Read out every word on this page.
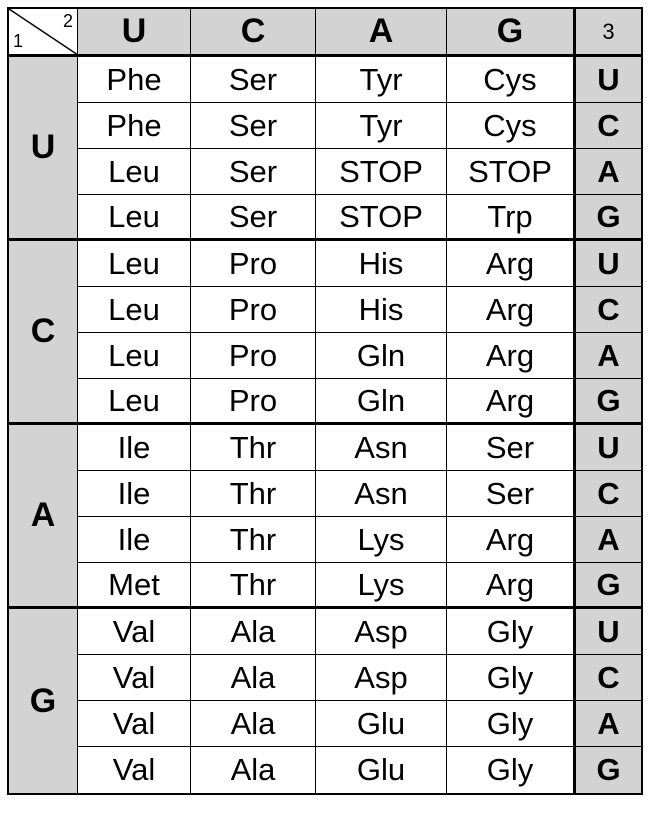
1
2	U	C	A	G	3
U
Phe	Ser	Tyr	Cys	U
Phe	Ser	Tyr	Cys	C
Leu	Ser	STOP	STOP	A
Leu	Ser	STOP	Trp	G
C
Leu	Pro	His	Arg	U
Leu	Pro	His	Arg	C
Leu	Pro	Gln	Arg	A
Leu	Pro	Gln	Arg	G
A
Ile	Thr	Asn	Ser	U
Ile	Thr	Asn	Ser	C
Ile	Thr	Lys	Arg	A
Met	Thr	Lys	Arg	G
G
Val	Ala	Asp	Gly	U
Val	Ala	Asp	Gly	C
Val	Ala	Glu	Gly	A
Val	Ala	Glu	Gly	G
